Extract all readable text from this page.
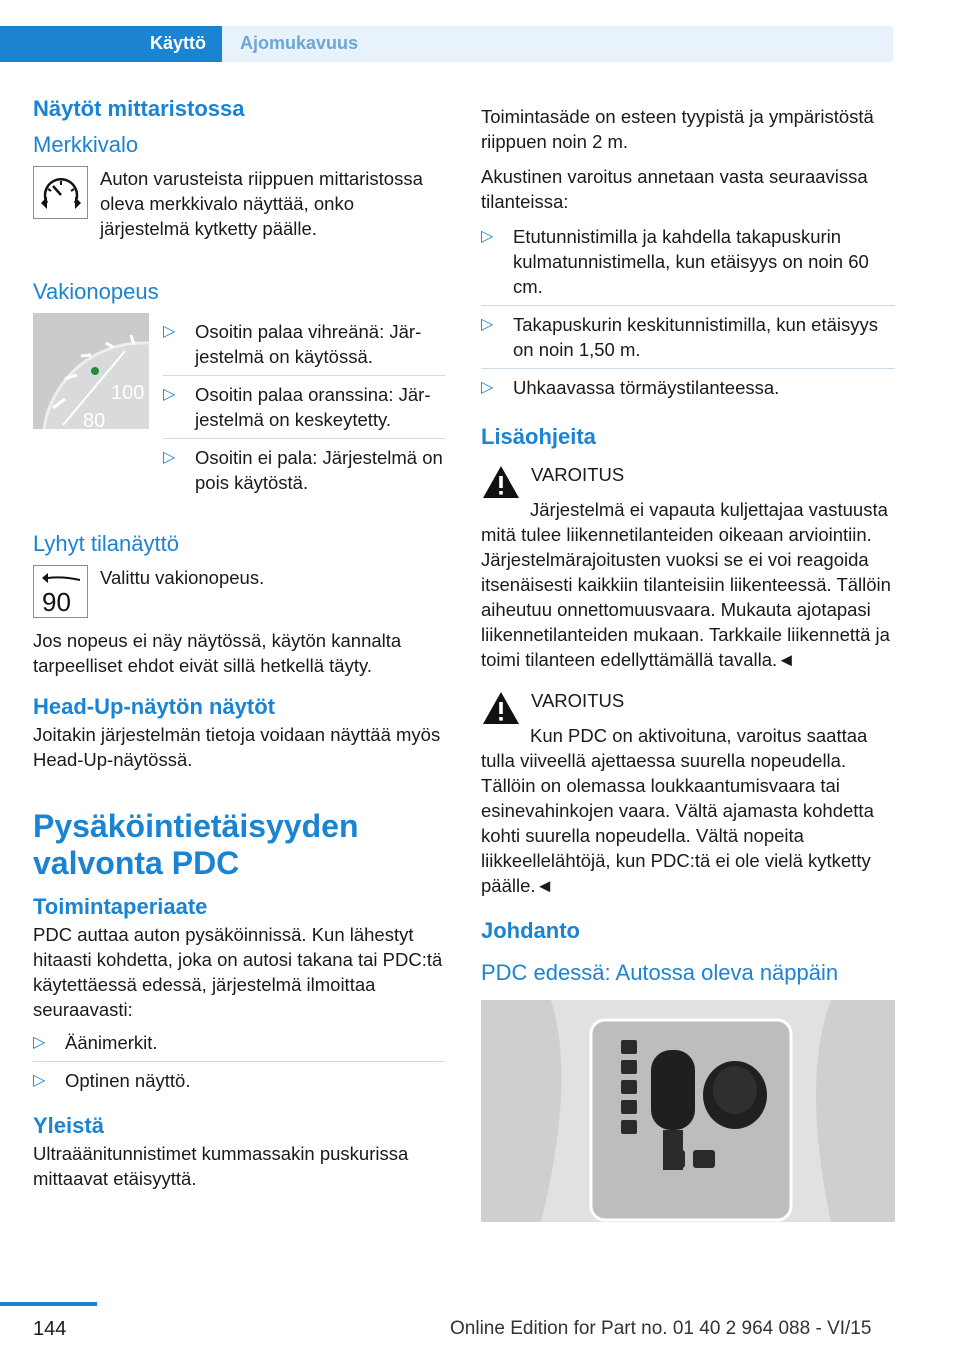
Käyttö Ajomukavuus
Näytöt mittaristossa
Merkkivalo

Auton varusteista riippuen mittaristossa oleva merkkivalo näyttää, onko järjestelmä kytketty päälle.

Vakionopeus
100
80
▷	Osoitin palaa vihreänä: Järjestelmä on käytössä.
▷	Osoitin palaa oranssina: Järjestelmä on keskeytetty.
▷	Osoitin ei pala: Järjestelmä on pois käytöstä.
Lyhyt tilanäyttö
90

Valittu vakionopeus.

Jos nopeus ei näy näytössä, käytön kannalta tarpeelliset ehdot eivät sillä hetkellä täyty.

Head-Up-näytön näytöt

Joitakin järjestelmän tietoja voidaan näyttää myös Head-Up-näytössä.

Pysäköintietäisyyden valvonta PDC
Toimintaperiaate

PDC auttaa auton pysäköinnissä. Kun lähestyt hitaasti kohdetta, joka on autosi takana tai PDC:tä käytettäessä edessä, järjestelmä ilmoittaa seuraavasti:

▷	Äänimerkit.
▷	Optinen näyttö.
Yleistä

Ultraäänitunnistimet kummassakin puskurissa mittaavat etäisyyttä.

Toimintasäde on esteen tyypistä ja ympäristöstä riippuen noin 2 m.

Akustinen varoitus annetaan vasta seuraavissa tilanteissa:

▷	Etutunnistimilla ja kahdella takapuskurin kulmatunnistimella, kun etäisyys on noin 60 cm.
▷	Takapuskurin keskitunnistimilla, kun etäisyys on noin 1,50 m.
▷	Uhkaavassa törmäystilanteessa.
Lisäohjeita

VAROITUS

Järjestelmä ei vapauta kuljettajaa vastuusta mitä tulee liikennetilanteiden oikeaan arviointiin. Järjestelmärajoitusten vuoksi se ei voi reagoida itsenäisesti kaikkiin tilanteisiin liikenteessä. Tällöin aiheutuu onnettomuusvaara. Mukauta ajotapasi liikennetilanteiden mukaan. Tarkkaile liikennettä ja toimi tilanteen edellyttämällä tavalla.◄

VAROITUS

Kun PDC on aktivoituna, varoitus saattaa tulla viiveellä ajettaessa suurella nopeudella. Tällöin on olemassa loukkaantumisvaara tai esinevahinkojen vaara. Vältä ajamasta kohdetta kohti suurella nopeudella. Vältä nopeita liikkeellelähtöjä, kun PDC:tä ei ole vielä kytketty päälle.◄

Johdanto
PDC edessä: Autossa oleva näppäin
144	Online Edition for Part no. 01 40 2 964 088 - VI/15
